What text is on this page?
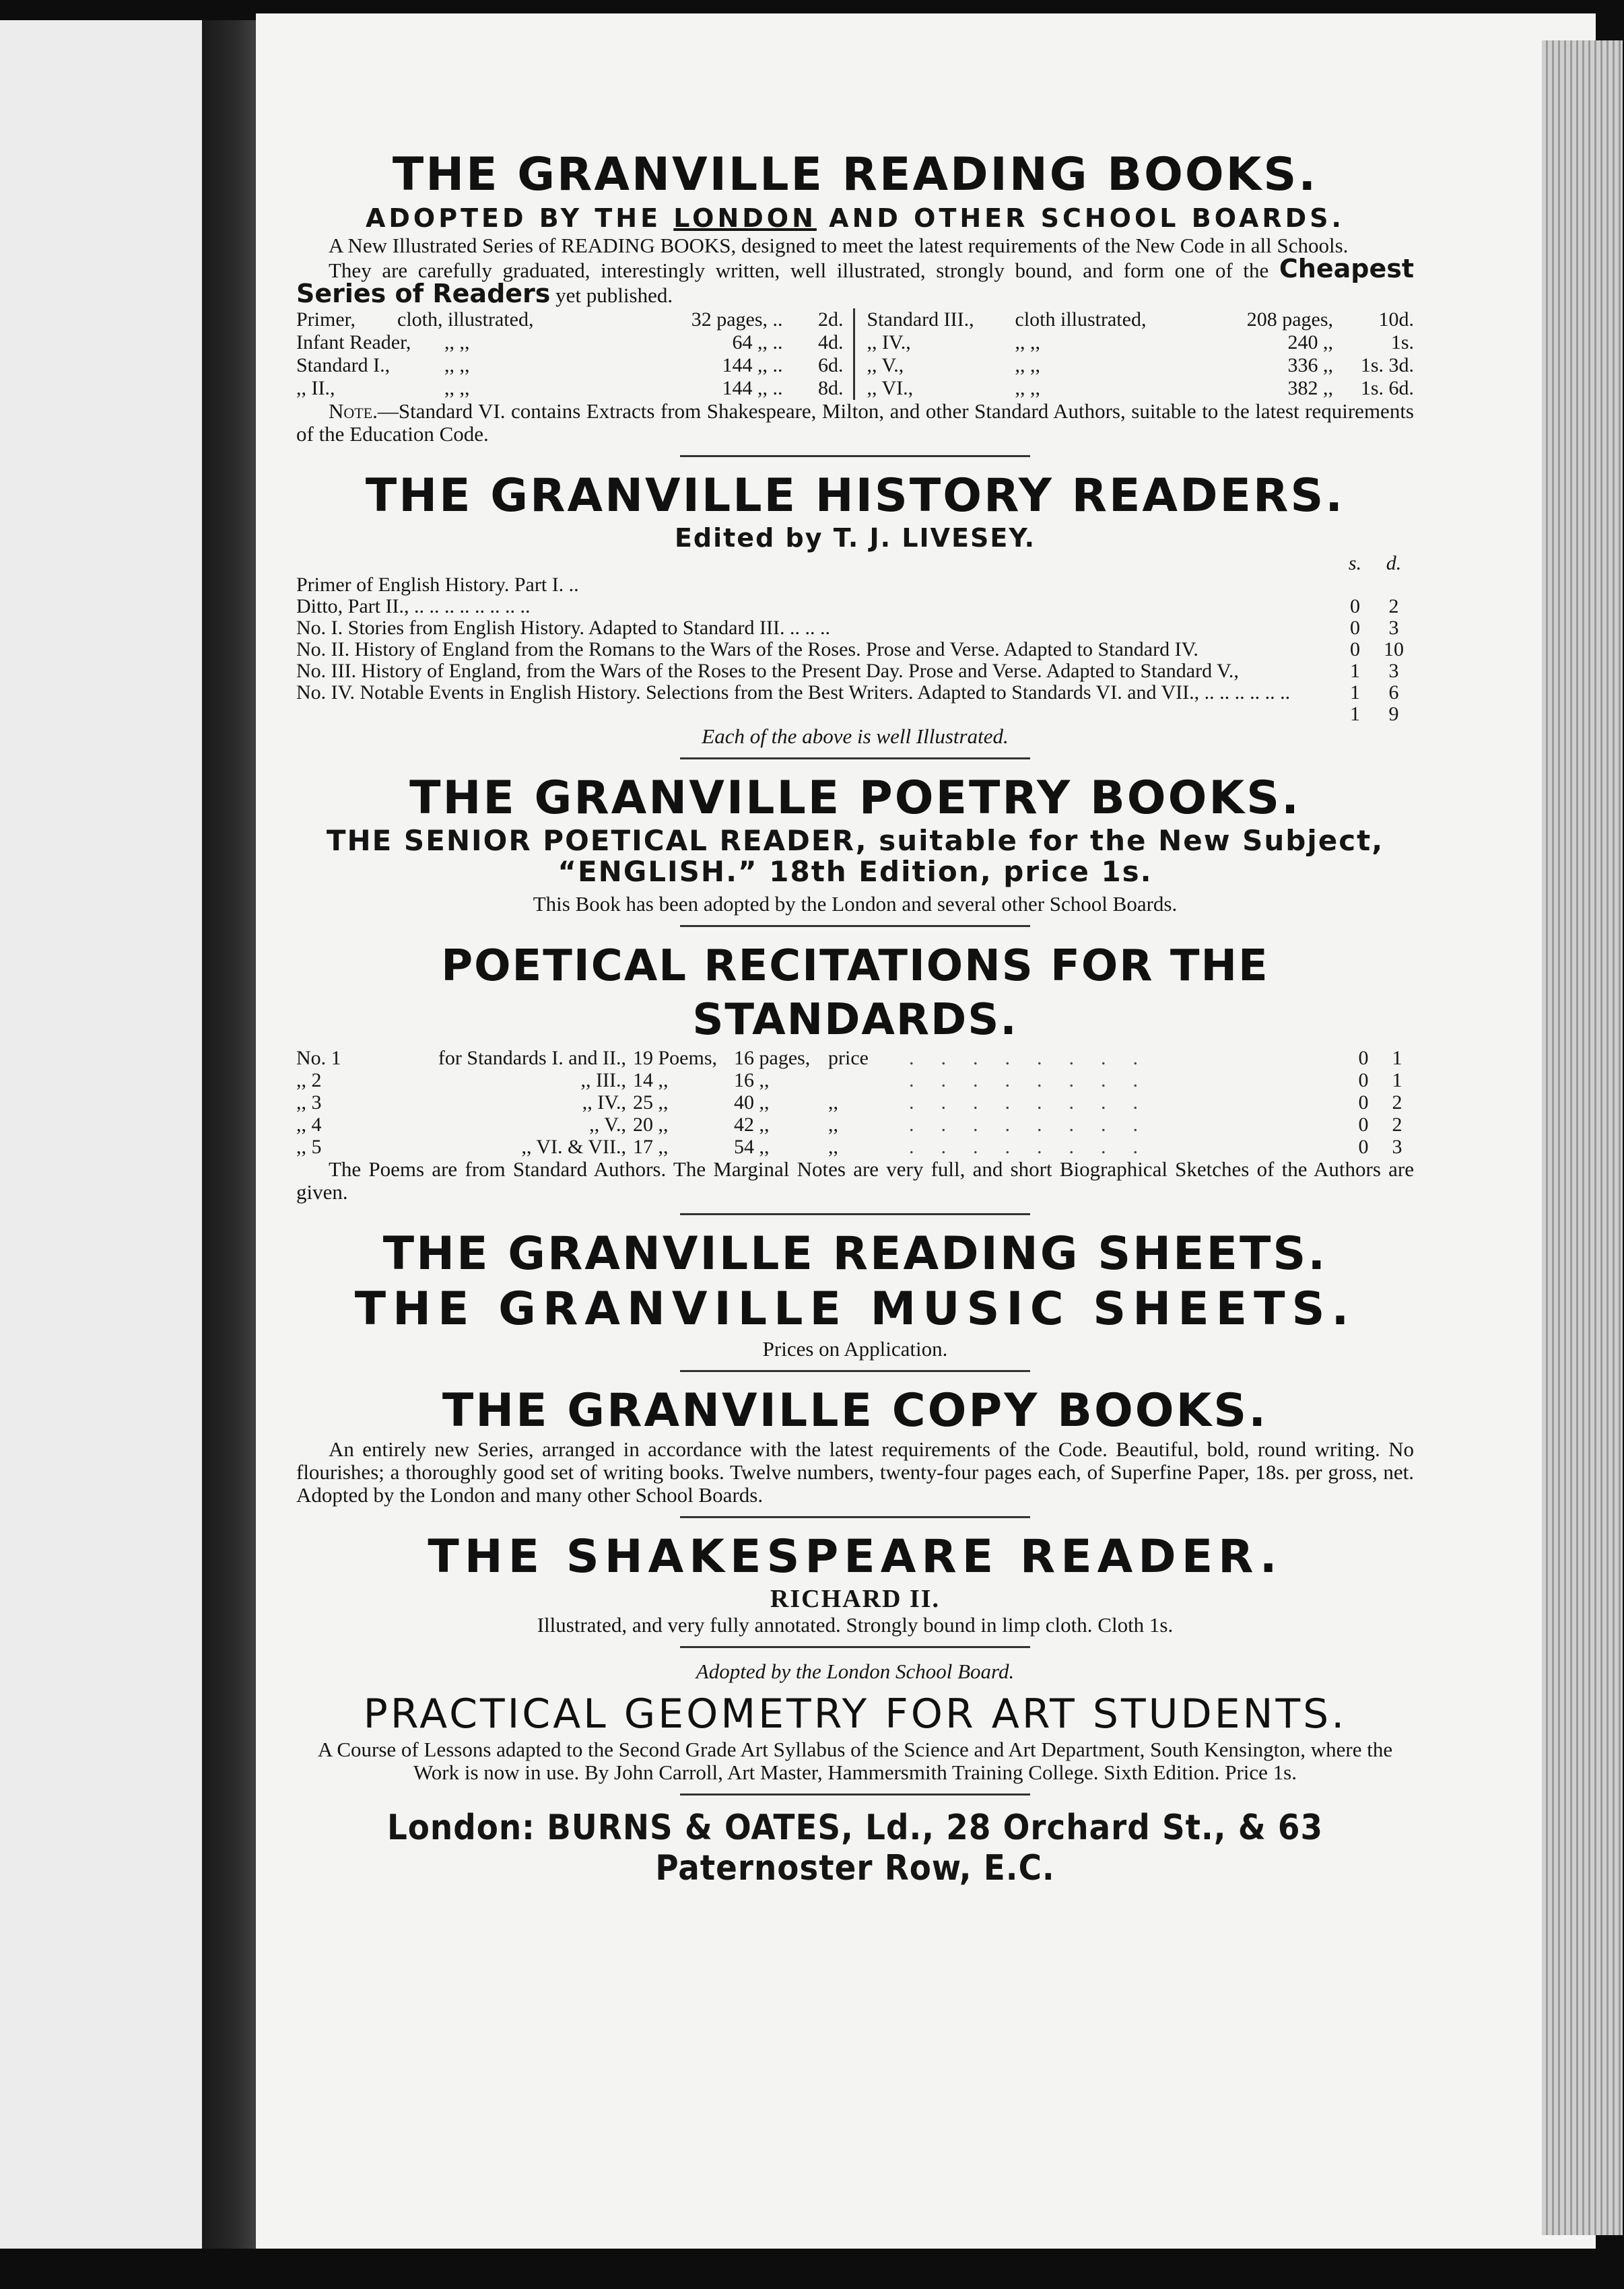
THE GRANVILLE READING BOOKS.
ADOPTED BY THE LONDON AND OTHER SCHOOL BOARDS.

A New Illustrated Series of READING BOOKS, designed to meet the latest requirements of the New Code in all Schools.

They are carefully graduated, interestingly written, well illustrated, strongly bound, and form one of the Cheapest Series of Readers yet published.

Primer,	cloth, illustrated,	32 pages, ..	2d.
Infant Reader,	,, ,,	64 ,, ..	4d.
Standard I.,	,, ,,	144 ,, ..	6d.
,, II.,	,, ,,	144 ,, ..	8d.
Standard III.,	cloth illustrated,	208 pages,	10d.
,, IV.,	,, ,,	240 ,,	1s.
,, V.,	,, ,,	336 ,,	1s. 3d.
,, VI.,	,, ,,	382 ,,	1s. 6d.

Note.—Standard VI. contains Extracts from Shakespeare, Milton, and other Standard Authors, suitable to the latest requirements of the Education Code.

THE GRANVILLE HISTORY READERS.
Edited by T. J. LIVESEY.
s.	d.
Primer of English History. Part I. ..
Ditto, Part II., .. .. .. .. .. .. .. ..	0	2
No. I. Stories from English History. Adapted to Standard III. .. .. ..	0	3
No. II. History of England from the Romans to the Wars of the Roses. Prose and Verse. Adapted to Standard IV.	0	10
No. III. History of England, from the Wars of the Roses to the Present Day. Prose and Verse. Adapted to Standard V.,	1	3
No. IV. Notable Events in English History. Selections from the Best Writers. Adapted to Standards VI. and VII., .. .. .. .. .. ..	1	6
1	9

Each of the above is well Illustrated.

THE GRANVILLE POETRY BOOKS.
THE SENIOR POETICAL READER, suitable for the New Subject,
“ENGLISH.” 18th Edition, price 1s.

This Book has been adopted by the London and several other School Boards.

POETICAL RECITATIONS FOR THE STANDARDS.
No. 1	for Standards I. and II., 19 Poems, 16 pages, price	........	0	1
,, 2	,, III., 14 ,,	16 ,,	........	0	1
,, 3	,, IV., 25 ,,	40 ,,	,,	........	0	2
,, 4	,, V., 20 ,,	42 ,,	,,	........	0	2
,, 5	,, VI. & VII., 17 ,,	54 ,,	,,	........	0	3

The Poems are from Standard Authors. The Marginal Notes are very full, and short Biographical Sketches of the Authors are given.

THE GRANVILLE READING SHEETS.
THE GRANVILLE MUSIC SHEETS.

Prices on Application.

THE GRANVILLE COPY BOOKS.

An entirely new Series, arranged in accordance with the latest requirements of the Code. Beautiful, bold, round writing. No flourishes; a thoroughly good set of writing books. Twelve numbers, twenty-four pages each, of Superfine Paper, 18s. per gross, net. Adopted by the London and many other School Boards.

THE SHAKESPEARE READER.
RICHARD II.

Illustrated, and very fully annotated. Strongly bound in limp cloth. Cloth 1s.

Adopted by the London School Board.

PRACTICAL GEOMETRY FOR ART STUDENTS.

A Course of Lessons adapted to the Second Grade Art Syllabus of the Science and Art Department, South Kensington, where the Work is now in use. By John Carroll, Art Master, Hammersmith Training College. Sixth Edition. Price 1s.

London: BURNS & OATES, Ld., 28 Orchard St., & 63 Paternoster Row, E.C.
